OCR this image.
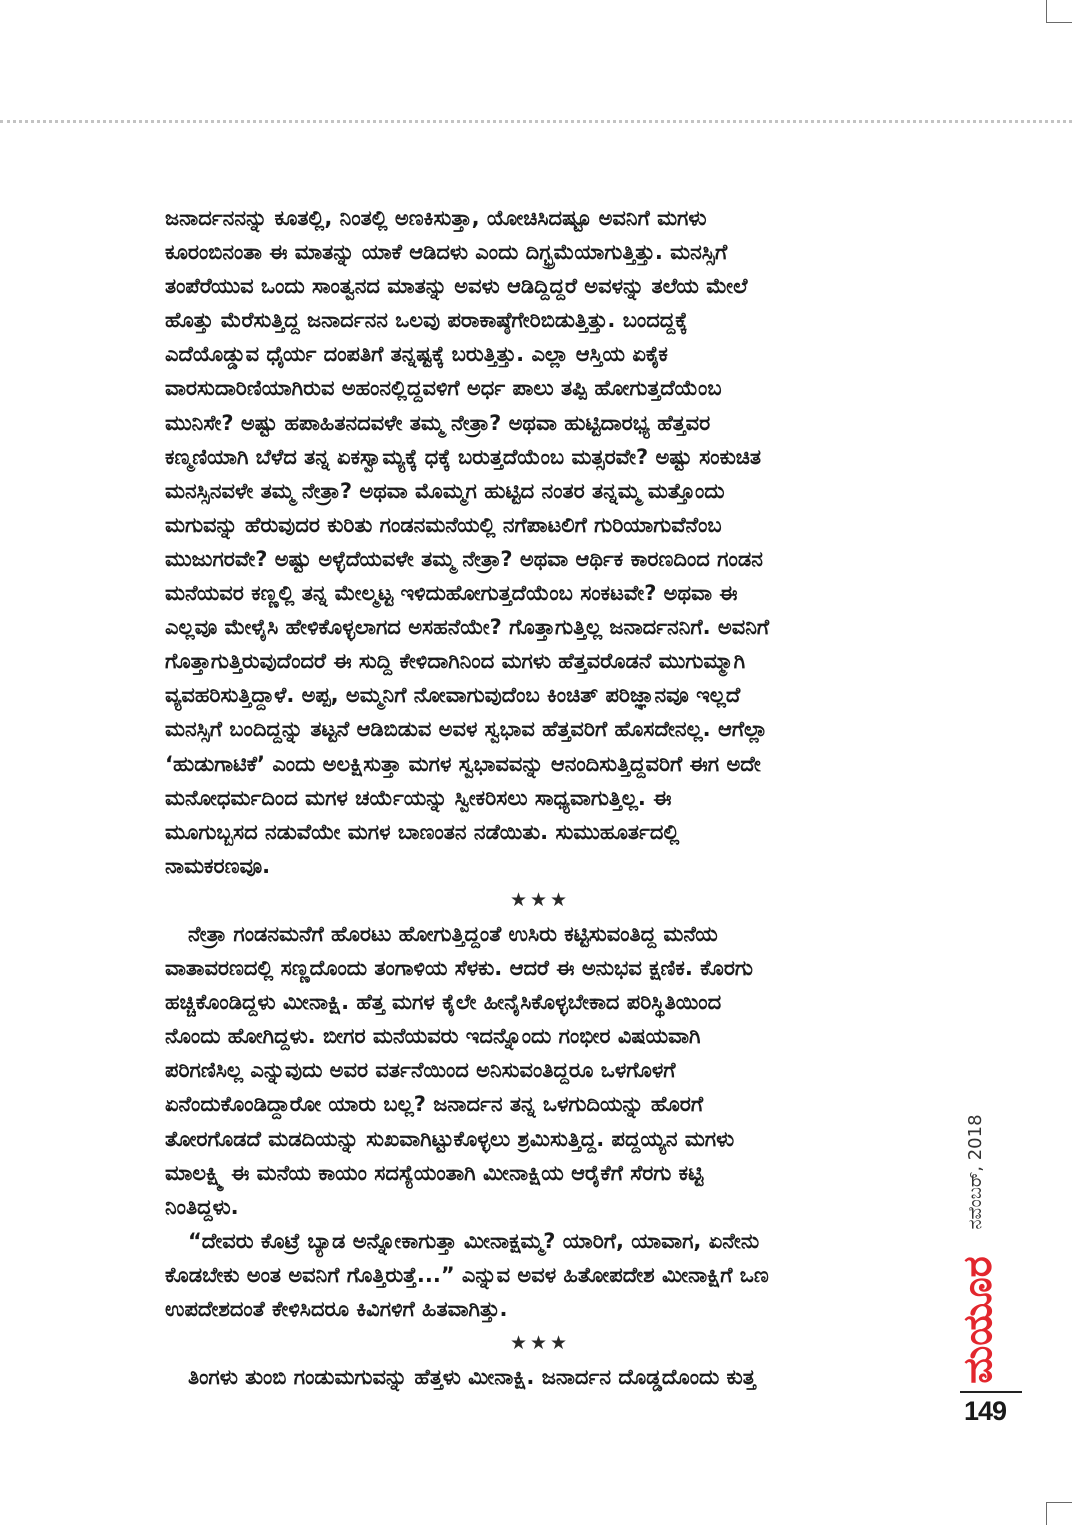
ಜನಾರ್ದನನನ್ನು ಕೂತಲ್ಲಿ, ನಿಂತಲ್ಲಿ ಅಣಕಿಸುತ್ತಾ, ಯೋಚಿಸಿದಷ್ಟೂ ಅವನಿಗೆ ಮಗಳು
ಕೂರಂಬಿನಂತಾ ಈ ಮಾತನ್ನು ಯಾಕೆ ಆಡಿದಳು ಎಂದು ದಿಗ್ಭ್ರಮೆಯಾಗುತ್ತಿತ್ತು. ಮನಸ್ಸಿಗೆ
ತಂಪೆರೆಯುವ ಒಂದು ಸಾಂತ್ವನದ ಮಾತನ್ನು ಅವಳು ಆಡಿದ್ದಿದ್ದರೆ ಅವಳನ್ನು ತಲೆಯ ಮೇಲೆ
ಹೊತ್ತು ಮೆರೆಸುತ್ತಿದ್ದ ಜನಾರ್ದನನ ಒಲವು ಪರಾಕಾಷ್ಠೆಗೇರಿಬಿಡುತ್ತಿತ್ತು. ಬಂದದ್ದಕ್ಕೆ
ಎದೆಯೊಡ್ಡುವ ಧೈರ್ಯ ದಂಪತಿಗೆ ತನ್ನಷ್ಟಕ್ಕೆ ಬರುತ್ತಿತ್ತು. ಎಲ್ಲಾ ಆಸ್ತಿಯ ಏಕೈಕ
ವಾರಸುದಾರಿಣಿಯಾಗಿರುವ ಅಹಂನಲ್ಲಿದ್ದವಳಿಗೆ ಅರ್ಧ ಪಾಲು ತಪ್ಪಿ ಹೋಗುತ್ತದೆಯೆಂಬ
ಮುನಿಸೇ? ಅಷ್ಟು ಹಪಾಹಿತನದವಳೇ ತಮ್ಮ ನೇತ್ರಾ? ಅಥವಾ ಹುಟ್ಟಿದಾರಭ್ಯ ಹೆತ್ತವರ
ಕಣ್ಮಣಿಯಾಗಿ ಬೆಳೆದ ತನ್ನ ಏಕಸ್ವಾಮ್ಯಕ್ಕೆ ಧಕ್ಕೆ ಬರುತ್ತದೆಯೆಂಬ ಮತ್ಸರವೇ? ಅಷ್ಟು ಸಂಕುಚಿತ
ಮನಸ್ಸಿನವಳೇ ತಮ್ಮ ನೇತ್ರಾ? ಅಥವಾ ಮೊಮ್ಮಗ ಹುಟ್ಟಿದ ನಂತರ ತನ್ನಮ್ಮ ಮತ್ತೊಂದು
ಮಗುವನ್ನು ಹೆರುವುದರ ಕುರಿತು ಗಂಡನಮನೆಯಲ್ಲಿ ನಗೆಪಾಟಲಿಗೆ ಗುರಿಯಾಗುವೆನೆಂಬ
ಮುಜುಗರವೇ? ಅಷ್ಟು ಅಳ್ಳೆದೆಯವಳೇ ತಮ್ಮ ನೇತ್ರಾ? ಅಥವಾ ಆರ್ಥಿಕ ಕಾರಣದಿಂದ ಗಂಡನ
ಮನೆಯವರ ಕಣ್ಣಲ್ಲಿ ತನ್ನ ಮೇಲ್ಮಟ್ಟ ಇಳಿದುಹೋಗುತ್ತದೆಯೆಂಬ ಸಂಕಟವೇ? ಅಥವಾ ಈ
ಎಲ್ಲವೂ ಮೇಳೈಸಿ ಹೇಳಿಕೊಳ್ಳಲಾಗದ ಅಸಹನೆಯೇ? ಗೊತ್ತಾಗುತ್ತಿಲ್ಲ ಜನಾರ್ದನನಿಗೆ. ಅವನಿಗೆ
ಗೊತ್ತಾಗುತ್ತಿರುವುದೆಂದರೆ ಈ ಸುದ್ದಿ ಕೇಳಿದಾಗಿನಿಂದ ಮಗಳು ಹೆತ್ತವರೊಡನೆ ಮುಗುಮ್ಮಾಗಿ
ವ್ಯವಹರಿಸುತ್ತಿದ್ದಾಳೆ. ಅಪ್ಪ, ಅಮ್ಮನಿಗೆ ನೋವಾಗುವುದೆಂಬ ಕಿಂಚಿತ್ ಪರಿಜ್ಞಾನವೂ ಇಲ್ಲದೆ
ಮನಸ್ಸಿಗೆ ಬಂದಿದ್ದನ್ನು ತಟ್ಟನೆ ಆಡಿಬಿಡುವ ಅವಳ ಸ್ವಭಾವ ಹೆತ್ತವರಿಗೆ ಹೊಸದೇನಲ್ಲ. ಆಗೆಲ್ಲಾ
‘ಹುಡುಗಾಟಿಕೆ’ ಎಂದು ಅಲಕ್ಷಿಸುತ್ತಾ ಮಗಳ ಸ್ವಭಾವವನ್ನು ಆನಂದಿಸುತ್ತಿದ್ದವರಿಗೆ ಈಗ ಅದೇ
ಮನೋಧರ್ಮದಿಂದ ಮಗಳ ಚರ್ಯೆಯನ್ನು ಸ್ವೀಕರಿಸಲು ಸಾಧ್ಯವಾಗುತ್ತಿಲ್ಲ. ಈ
ಮೂಗುಬ್ಬಸದ ನಡುವೆಯೇ ಮಗಳ ಬಾಣಂತನ ನಡೆಯಿತು. ಸುಮುಹೂರ್ತದಲ್ಲಿ
ನಾಮಕರಣವೂ.
★★★
ನೇತ್ರಾ ಗಂಡನಮನೆಗೆ ಹೊರಟು ಹೋಗುತ್ತಿದ್ದಂತೆ ಉಸಿರು ಕಟ್ಟಿಸುವಂತಿದ್ದ ಮನೆಯ
ವಾತಾವರಣದಲ್ಲಿ ಸಣ್ಣದೊಂದು ತಂಗಾಳಿಯ ಸೆಳಕು. ಆದರೆ ಈ ಅನುಭವ ಕ್ಷಣಿಕ. ಕೊರಗು
ಹಚ್ಚಿಕೊಂಡಿದ್ದಳು ಮೀನಾಕ್ಷಿ. ಹೆತ್ತ ಮಗಳ ಕೈಲೇ ಹೀನೈಸಿಕೊಳ್ಳಬೇಕಾದ ಪರಿಸ್ಥಿತಿಯಿಂದ
ನೊಂದು ಹೋಗಿದ್ದಳು. ಬೀಗರ ಮನೆಯವರು ಇದನ್ನೊಂದು ಗಂಭೀರ ವಿಷಯವಾಗಿ
ಪರಿಗಣಿಸಿಲ್ಲ ಎನ್ನುವುದು ಅವರ ವರ್ತನೆಯಿಂದ ಅನಿಸುವಂತಿದ್ದರೂ ಒಳಗೊಳಗೆ
ಏನೆಂದುಕೊಂಡಿದ್ದಾರೋ ಯಾರು ಬಲ್ಲ? ಜನಾರ್ದನ ತನ್ನ ಒಳಗುದಿಯನ್ನು ಹೊರಗೆ
ತೋರಗೊಡದೆ ಮಡದಿಯನ್ನು ಸುಖವಾಗಿಟ್ಟುಕೊಳ್ಳಲು ಶ್ರಮಿಸುತ್ತಿದ್ದ. ಪದ್ದಯ್ಯನ ಮಗಳು
ಮಾಲಕ್ಷ್ಮಿ ಈ ಮನೆಯ ಕಾಯಂ ಸದಸ್ಯೆಯಂತಾಗಿ ಮೀನಾಕ್ಷಿಯ ಆರೈಕೆಗೆ ಸೆರಗು ಕಟ್ಟಿ
ನಿಂತಿದ್ದಳು.
“ದೇವರು ಕೊಟ್ರೆ ಬ್ಯಾಡ ಅನ್ನೋಕಾಗುತ್ತಾ ಮೀನಾಕ್ಷಮ್ಮ? ಯಾರಿಗೆ, ಯಾವಾಗ, ಏನೇನು
ಕೊಡಬೇಕು ಅಂತ ಅವನಿಗೆ ಗೊತ್ತಿರುತ್ತೆ...” ಎನ್ನುವ ಅವಳ ಹಿತೋಪದೇಶ ಮೀನಾಕ್ಷಿಗೆ ಒಣ
ಉಪದೇಶದಂತೆ ಕೇಳಿಸಿದರೂ ಕಿವಿಗಳಿಗೆ ಹಿತವಾಗಿತ್ತು.
★★★
ತಿಂಗಳು ತುಂಬಿ ಗಂಡುಮಗುವನ್ನು ಹೆತ್ತಳು ಮೀನಾಕ್ಷಿ. ಜನಾರ್ದನ ದೊಡ್ಡದೊಂದು ಕುತ್ತ
ನವೆಂಬರ್, 2018
ಮಯೂರ
149
